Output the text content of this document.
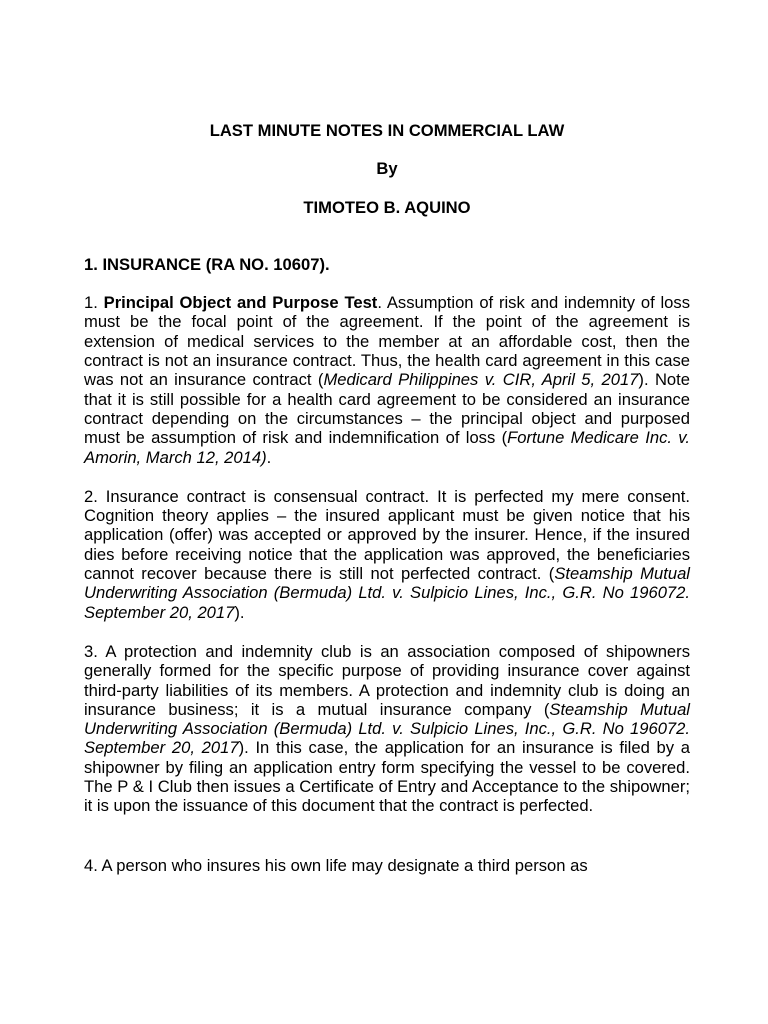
LAST MINUTE NOTES IN COMMERCIAL LAW

By

TIMOTEO B. AQUINO

1. INSURANCE (RA NO. 10607).

1. Principal Object and Purpose Test. Assumption of risk and indemnity of loss must be the focal point of the agreement. If the point of the agreement is extension of medical services to the member at an affordable cost, then the contract is not an insurance contract. Thus, the health card agreement in this case was not an insurance contract (Medicard Philippines v. CIR, April 5, 2017). Note that it is still possible for a health card agreement to be considered an insurance contract depending on the circumstances – the principal object and purposed must be assumption of risk and indemnification of loss (Fortune Medicare Inc. v. Amorin, March 12, 2014).

2. Insurance contract is consensual contract. It is perfected my mere consent. Cognition theory applies – the insured applicant must be given notice that his application (offer) was accepted or approved by the insurer. Hence, if the insured dies before receiving notice that the application was approved, the beneficiaries cannot recover because there is still not perfected contract. (Steamship Mutual Underwriting Association (Bermuda) Ltd. v. Sulpicio Lines, Inc., G.R. No 196072. September 20, 2017).

3. A protection and indemnity club is an association composed of shipowners generally formed for the specific purpose of providing insurance cover against third-party liabilities of its members. A protection and indemnity club is doing an insurance business; it is a mutual insurance company (Steamship Mutual Underwriting Association (Bermuda) Ltd. v. Sulpicio Lines, Inc., G.R. No 196072. September 20, 2017). In this case, the application for an insurance is filed by a shipowner by filing an application entry form specifying the vessel to be covered. The P & I Club then issues a Certificate of Entry and Acceptance to the shipowner; it is upon the issuance of this document that the contract is perfected.

4. A person who insures his own life may designate a third person as
